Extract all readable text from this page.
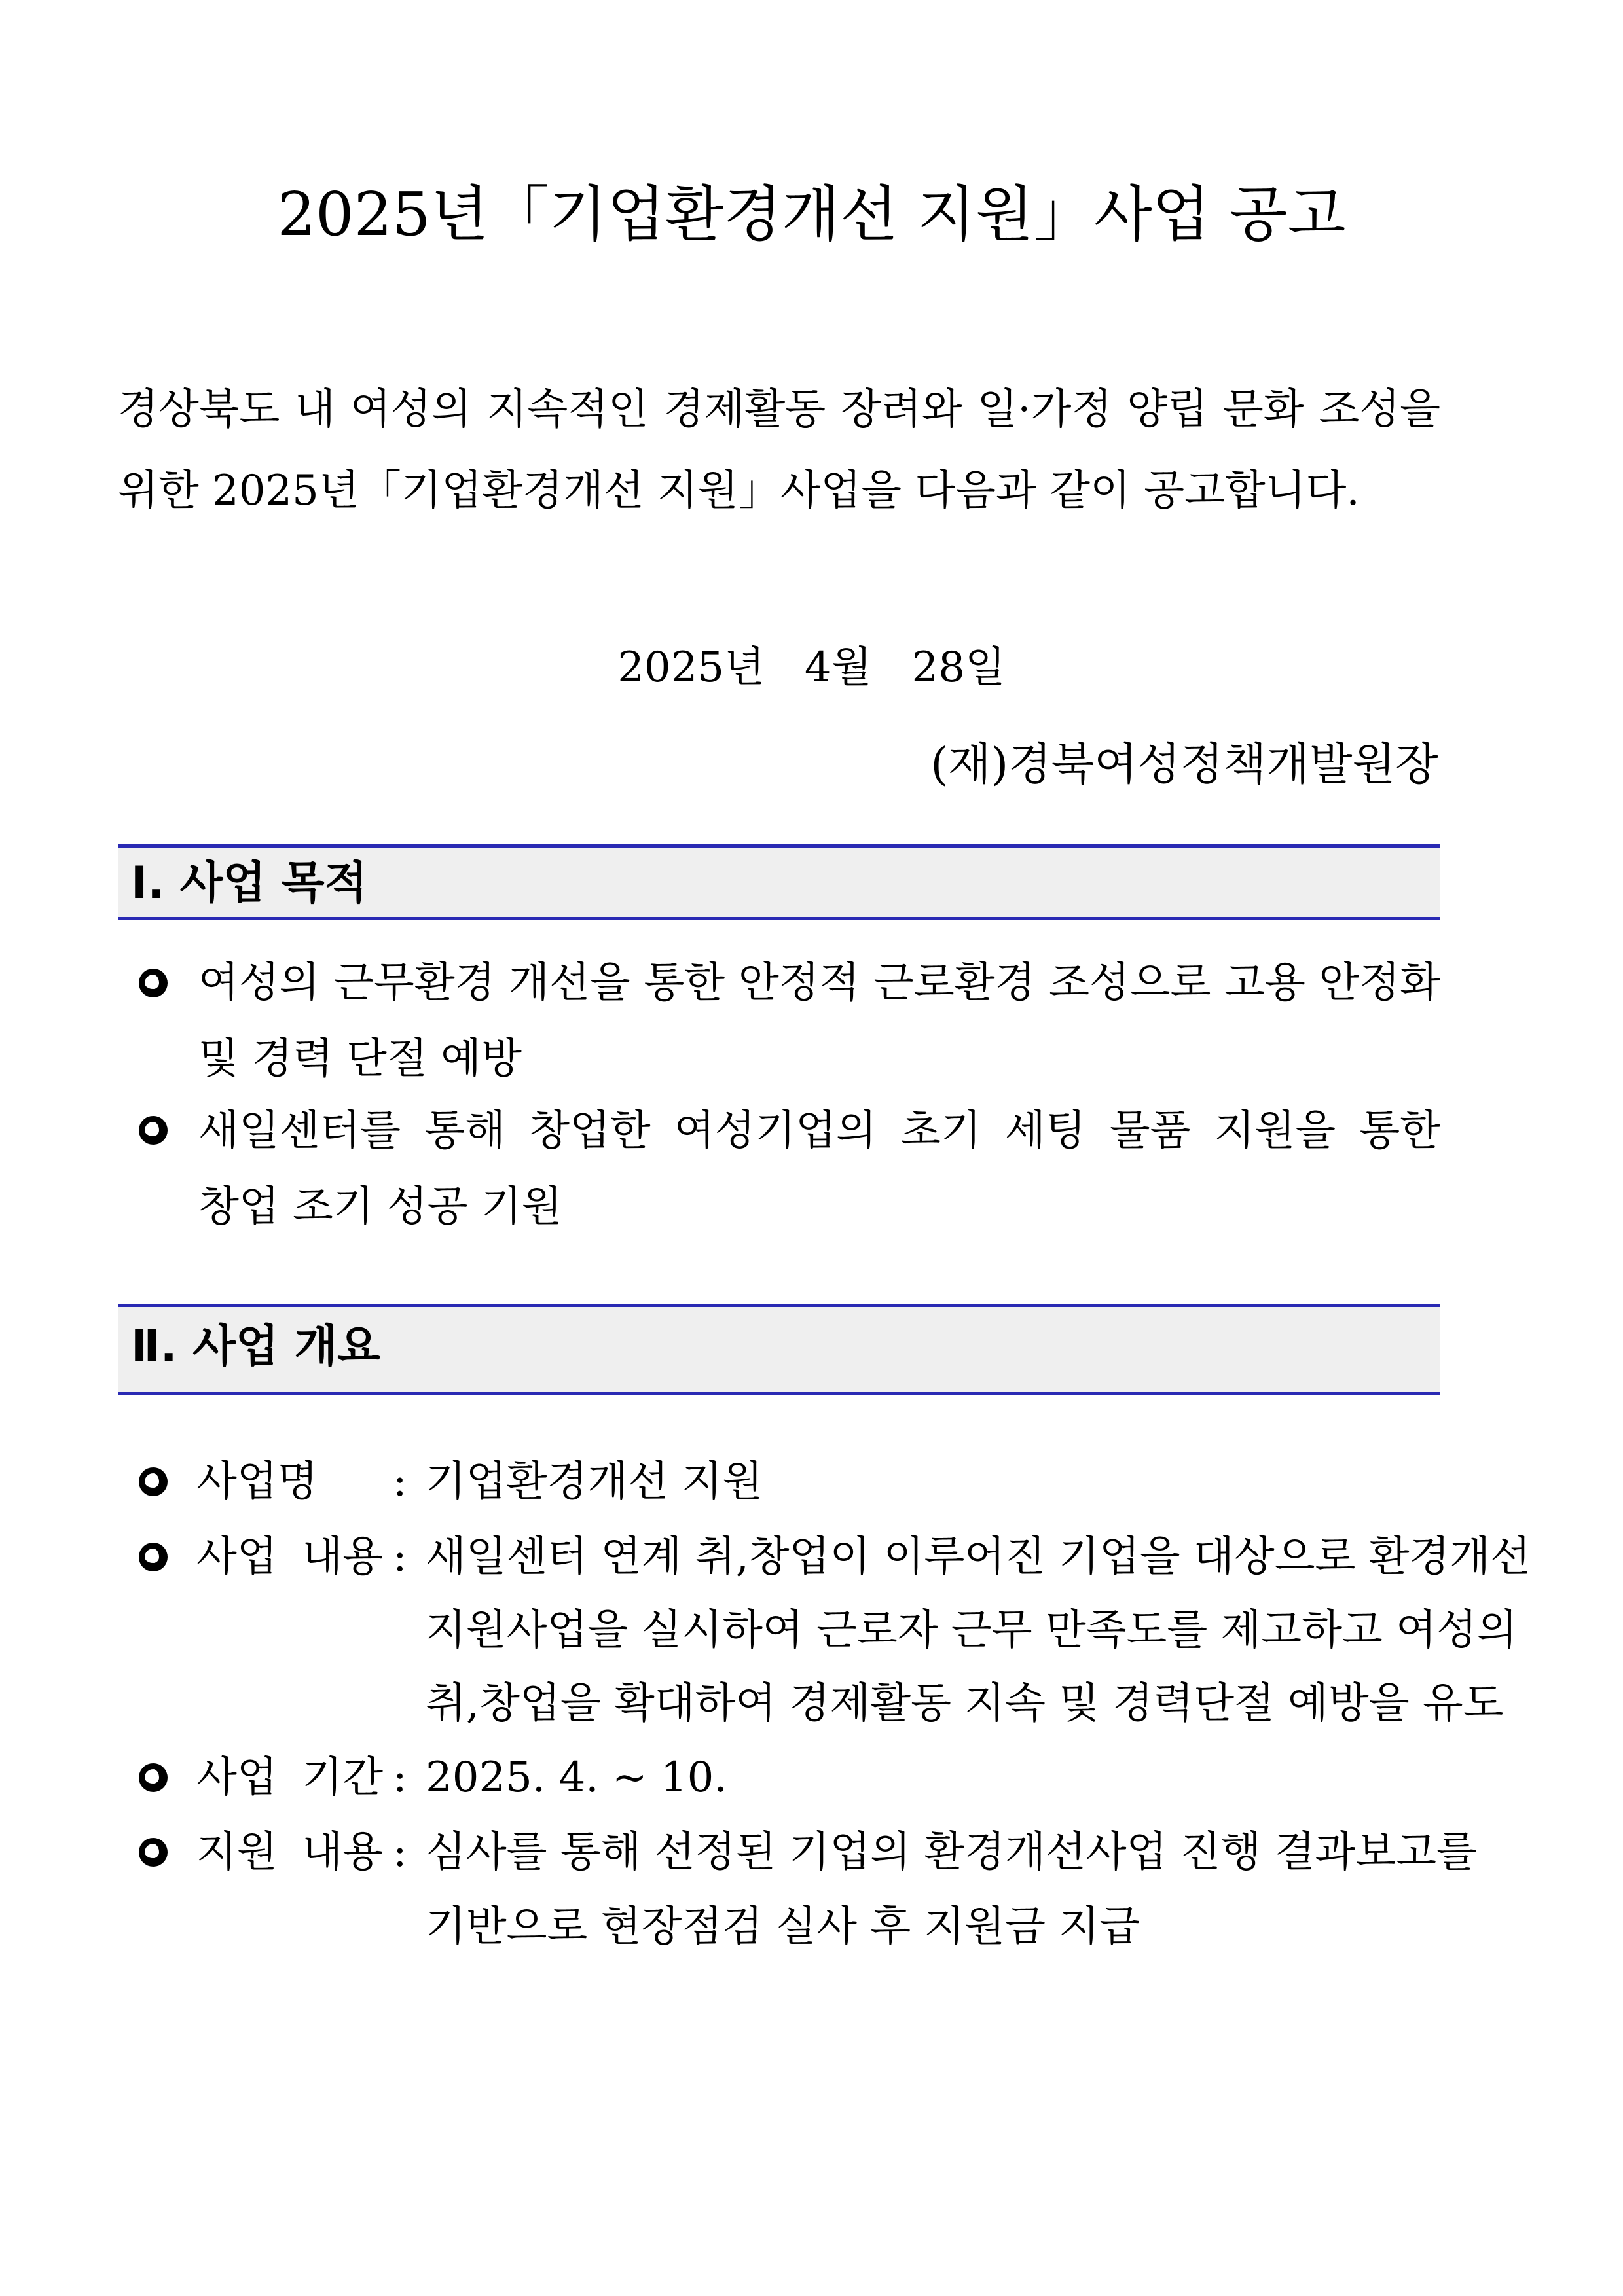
2025년「기업환경개선 지원」사업 공고
경상북도 내 여성의 지속적인 경제활동 장려와 일·가정 양립 문화 조성을
위한 2025년「기업환경개선 지원」사업을 다음과 같이 공고합니다.
2025년   4월   28일
(재)경북여성정책개발원장
Ⅰ. 사업 목적
여성의 근무환경 개선을 통한 안정적 근로환경 조성으로 고용 안정화
및 경력 단절 예방
새일센터를 통해 창업한 여성기업의 초기 세팅 물품 지원을 통한
창업 조기 성공 기원
Ⅱ. 사업 개요
사업명	: 기업환경개선 지원
사업 내용 : 새일센터 연계 취,창업이 이루어진 기업을 대상으로 환경개선
지원사업을 실시하여 근로자 근무 만족도를 제고하고 여성의
취,창업을 확대하여 경제활동 지속 및 경력단절 예방을 유도
사업 기간 : 2025. 4. ~ 10.
지원 내용 : 심사를 통해 선정된 기업의 환경개선사업 진행 결과보고를
기반으로 현장점검 실사 후 지원금 지급
